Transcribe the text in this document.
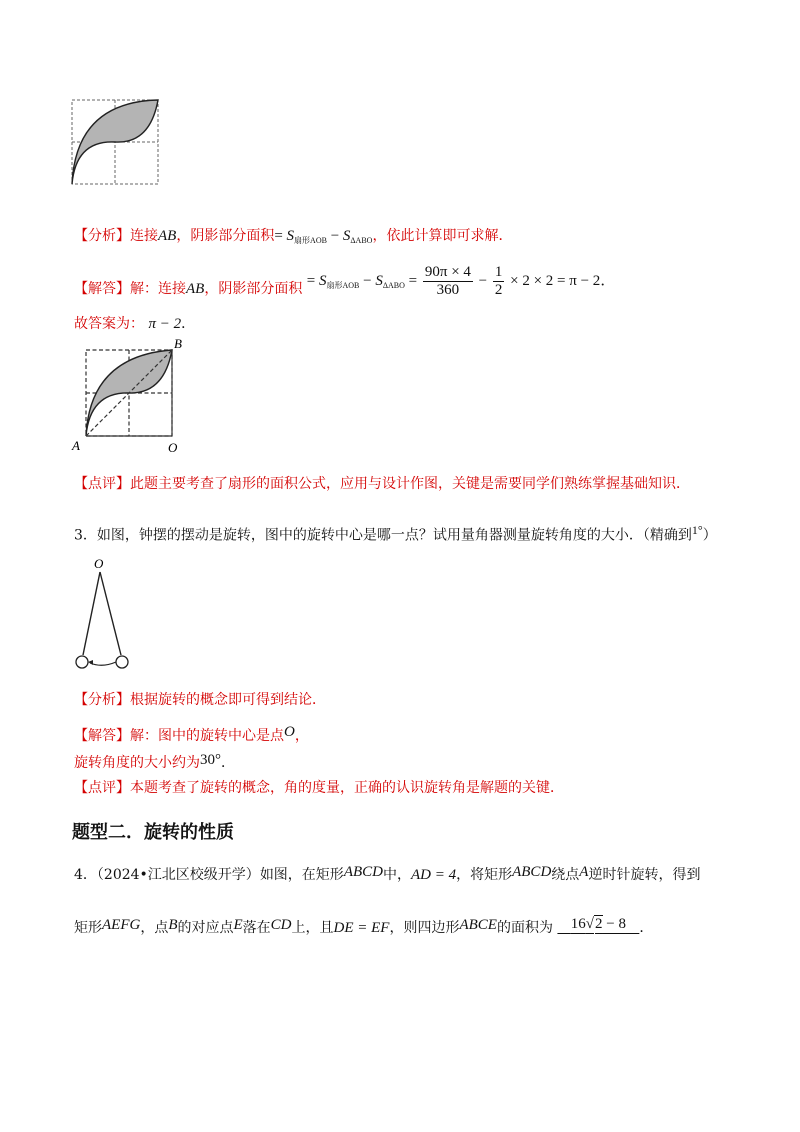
【分析】连接AB，阴影部分面积= $S_{扇形AOB} - S_{\Delta ABO}$，依此计算即可求解．
【解答】解：连接AB，阴影部分面积 = $S_{扇形AOB} - S_{\Delta ABO} = \frac{90\pi \times 4}{360} - \frac{1}{2} \times 2 \times 2 = \pi - 2$．
故答案为： π − 2．
B
A	O
【点评】此题主要考查了扇形的面积公式，应用与设计作图，关键是需要同学们熟练掌握基础知识．
3．如图，钟摆的摆动是旋转，图中的旋转中心是哪一点？试用量角器测量旋转角度的大小．（精确到$^{1^\circ}$）
O
【分析】根据旋转的概念即可得到结论．
【解答】解：图中的旋转中心是点O，
旋转角度的大小约为30°．
【点评】本题考查了旋转的概念，角的度量，正确的认识旋转角是解题的关键．
题型二．旋转的性质
4．（2024•江北区校级开学）如图，在矩形ABCD中，AD = 4，将矩形ABCD绕点A逆时针旋转，得到
矩形AEFG，点B的对应点E落在CD上，且DE = EF，则四边形ABCE的面积为 16√2 − 8 ．
